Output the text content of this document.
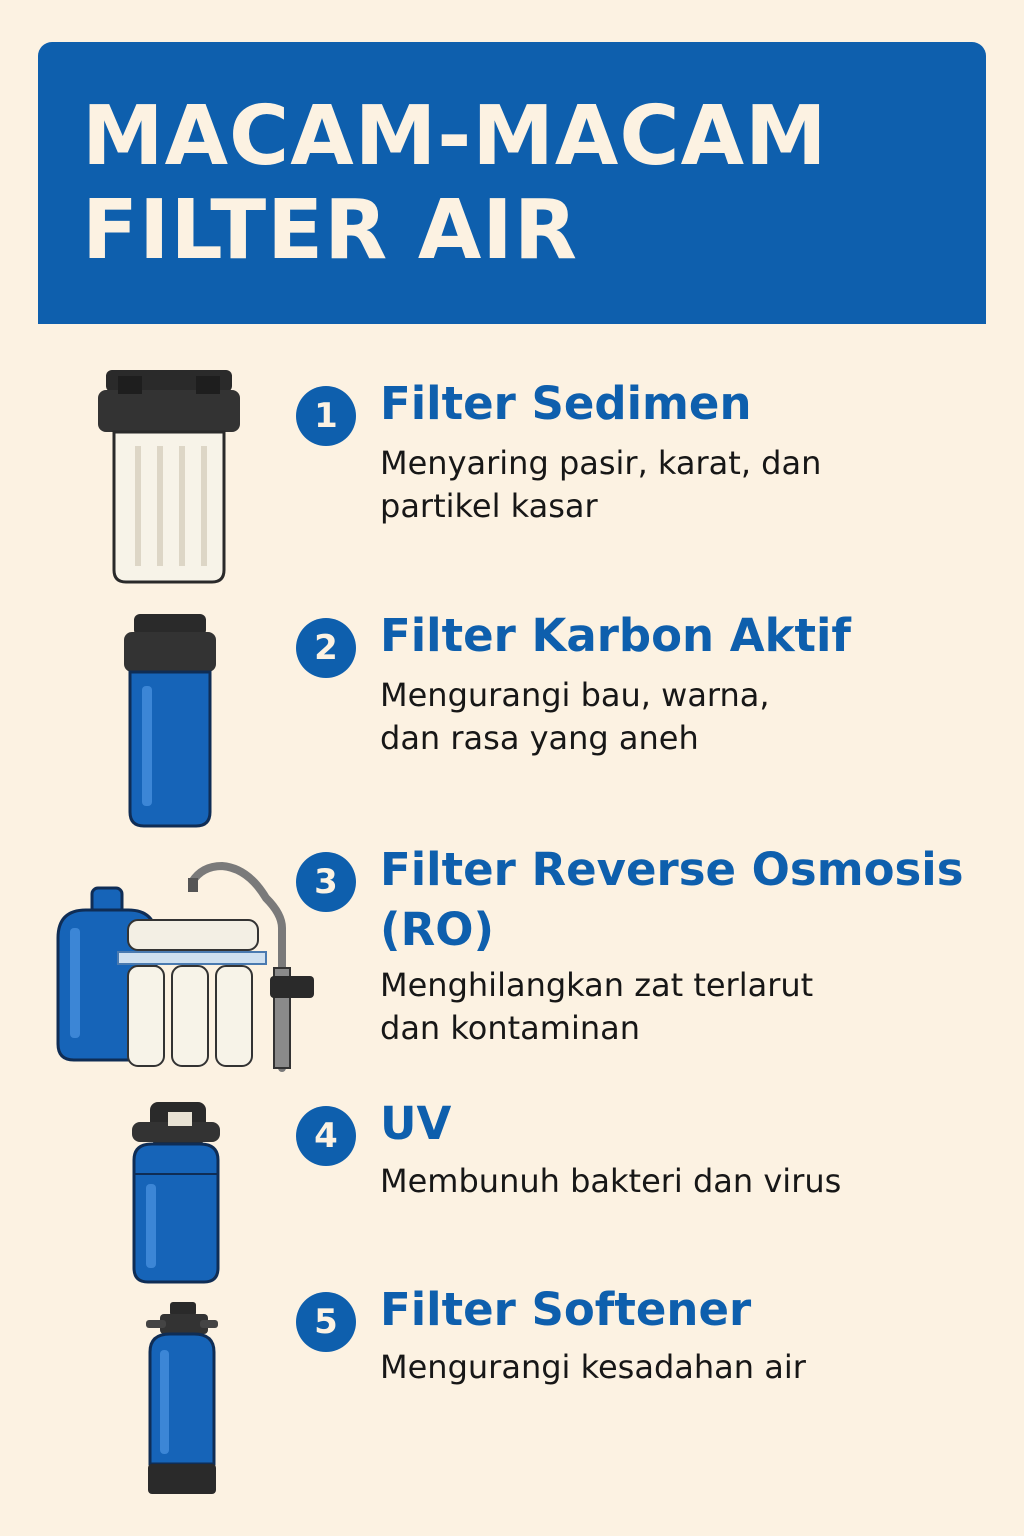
MACAM-MACAM
FILTER AIR
1 Filter Sedimen

Menyaring pasir, karat, dan
partikel kasar

2 Filter Karbon Aktif

Mengurangi bau, warna,
dan rasa yang aneh

3 Filter Reverse Osmosis
(RO)

Menghilangkan zat terlarut
dan kontaminan

4 UV

Membunuh bakteri dan virus

5 Filter Softener

Mengurangi kesadahan air
